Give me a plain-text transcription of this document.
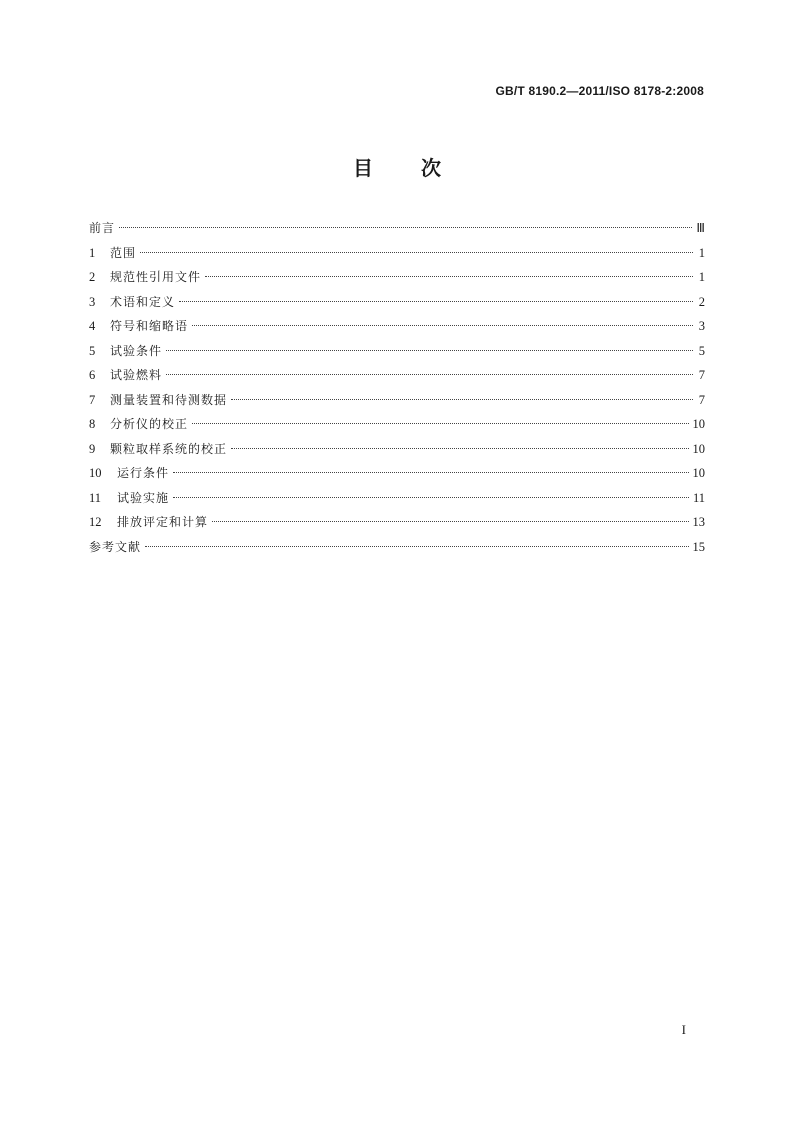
GB/T 8190.2—2011/ISO 8178-2:2008
目 次
前言	Ⅲ
1	范围	1
2	规范性引用文件	1
3	术语和定义	2
4	符号和缩略语	3
5	试验条件	5
6	试验燃料	7
7	测量装置和待测数据	7
8	分析仪的校正	10
9	颗粒取样系统的校正	10
10	运行条件	10
11	试验实施	11
12	排放评定和计算	13
参考文献	15
I
